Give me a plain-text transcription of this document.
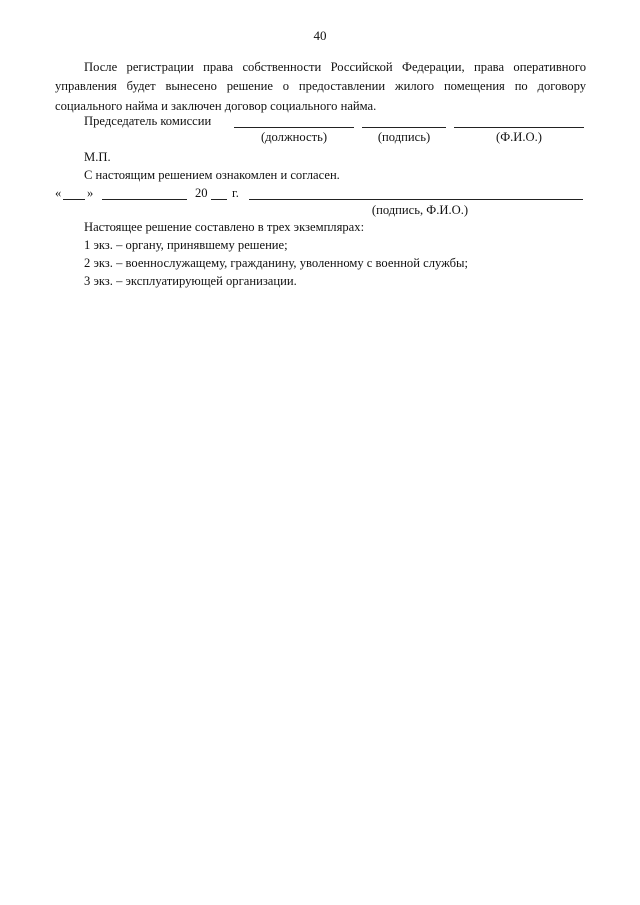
40
После регистрации права собственности Российской Федерации, права оперативного управления будет вынесено решение о предоставлении жилого помещения по договору социального найма и заключен договор социального найма.
Председатель комиссии
(должность)	(подпись)	(Ф.И.О.)
М.П.
С настоящим решением ознакомлен и согласен.
« »	20 г.
(подпись, Ф.И.О.)
Настоящее решение составлено в трех экземплярах:
1 экз. – органу, принявшему решение;
2 экз. – военнослужащему, гражданину, уволенному с военной службы;
3 экз. – эксплуатирующей организации.
